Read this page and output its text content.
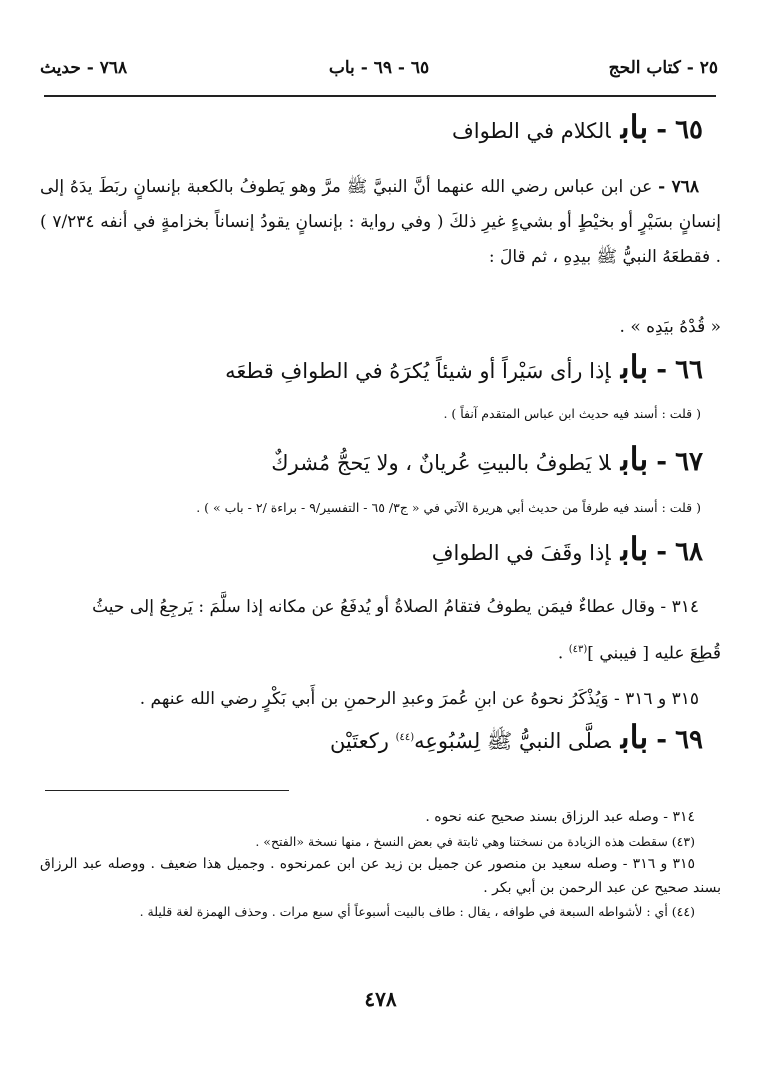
٢٥ - كتاب الحج
٦٥ - ٦٩ - باب
٧٦٨ - حديث
٦٥-بابالكلام في الطواف
٧٦٨ - عن ابن عباس رضي الله عنهما أنَّ النبيَّ ﷺ مرَّ وهو يَطوفُ بالكعبة بإنسانٍ ربَطَ يدَهُ إلى إنسانٍ بسَيْرٍ أو بخيْطٍ أو بشيءٍ غيرِ ذلكَ ( وفي رواية : بإنسانٍ يقودُ إنساناً بخزامةٍ في أنفه ٧/٢٣٤ ) . فقطعَهُ النبيُّ ﷺ بيدِهِ ، ثم قالَ :
« قُدْهُ بيَدِه » .
٦٦-بابإذا رأى سَيْراً أو شيئاً يُكرَهُ في الطوافِ قطعَه
( قلت : أسند فيه حديث ابن عباس المتقدم آنفاً ) .
٦٧-بابلا يَطوفُ بالبيتِ عُريانٌ ، ولا يَحجُّ مُشركٌ
( قلت : أسند فيه طرفاً من حديث أبي هريرة الآتي في « ج٣/ ٦٥ - التفسير/٩ - براءة /٢ - باب » ) .
٦٨-بابإذا وقَفَ في الطوافِ
٣١٤ - وقال عطاءٌ فيمَن يطوفُ فتقامُ الصلاةُ أو يُدفَعُ عن مكانه إذا سلَّمَ : يَرجِعُ إلى حيثُ
قُطِعَ عليه [ فيبني ]$^{(٤٣)}$ .
٣١٥ و ٣١٦ - وَيُذْكَرُ نحوهُ عن ابنِ عُمرَ وعبدِ الرحمنِ بن أَبي بَكْرٍ رضي الله عنهم .
٦٩-بابصلَّى النبيُّ ﷺ لِسُبُوعِه$^{(٤٤)}$ ركعتَيْن

٣١٤ - وصله عبد الرزاق بسند صحيح عنه نحوه .

(٤٣) سقطت هذه الزيادة من نسختنا وهي ثابتة في بعض النسخ ، منها نسخة «الفتح» .

٣١٥ و ٣١٦ - وصله سعيد بن منصور عن جميل بن زيد عن ابن عمرنحوه . وجميل هذا ضعيف . ووصله عبد الرزاق بسند صحيح عن عبد الرحمن بن أبي بكر .

(٤٤) أي : لأشواطه السبعة في طوافه ، يقال : طاف بالبيت أسبوعاً أي سبع مرات . وحذف الهمزة لغة قليلة .

٤٧٨
